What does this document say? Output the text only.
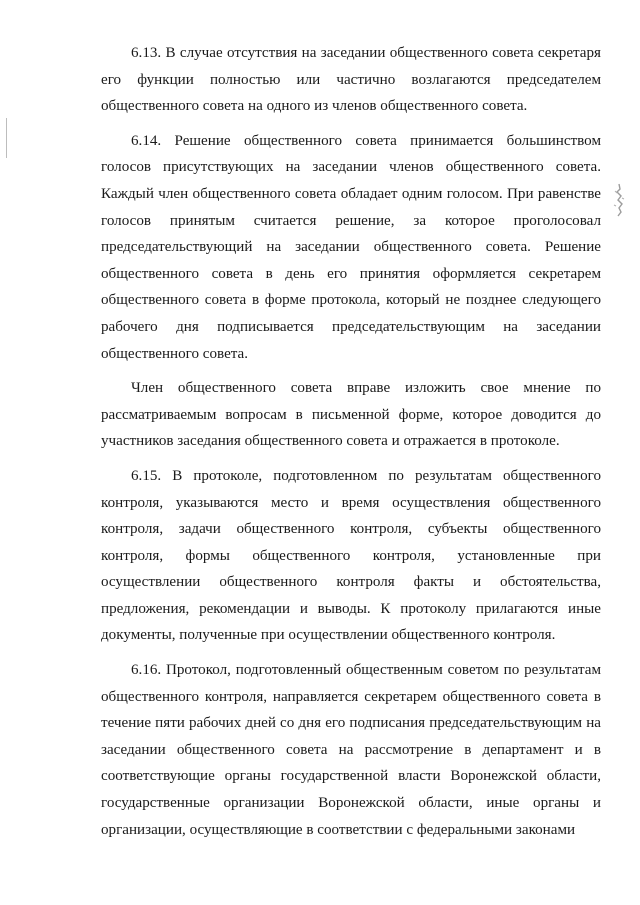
6.13. В случае отсутствия на заседании общественного совета секретаря его функции полностью или частично возлагаются председателем общественного совета на одного из членов общественного совета.

6.14. Решение общественного совета принимается большинством голосов присутствующих на заседании членов общественного совета. Каждый член общественного совета обладает одним голосом. При равенстве голосов принятым считается решение, за которое проголосовал председательствующий на заседании общественного совета. Решение общественного совета в день его принятия оформляется секретарем общественного совета в форме протокола, который не позднее следующего рабочего дня подписывается председательствующим на заседании общественного совета.

Член общественного совета вправе изложить свое мнение по рассматриваемым вопросам в письменной форме, которое доводится до участников заседания общественного совета и отражается в протоколе.

6.15. В протоколе, подготовленном по результатам общественного контроля, указываются место и время осуществления общественного контроля, задачи общественного контроля, субъекты общественного контроля, формы общественного контроля, установленные при осуществлении общественного контроля факты и обстоятельства, предложения, рекомендации и выводы. К протоколу прилагаются иные документы, полученные при осуществлении общественного контроля.

6.16. Протокол, подготовленный общественным советом по результатам общественного контроля, направляется секретарем общественного совета в течение пяти рабочих дней со дня его подписания председательствующим на заседании общественного совета на рассмотрение в департамент и в соответствующие органы государственной власти Воронежской области, государственные организации Воронежской области, иные органы и организации, осуществляющие в соответствии с федеральными законами
